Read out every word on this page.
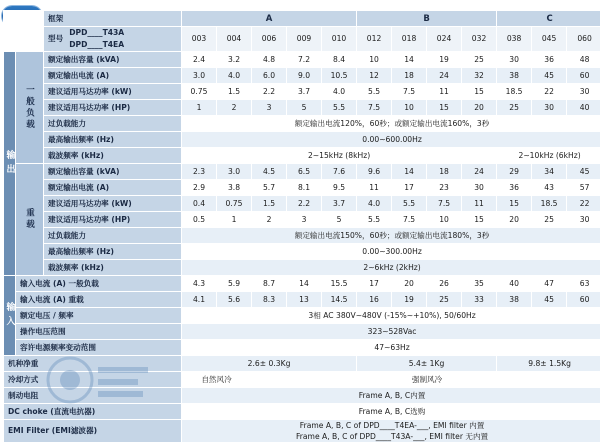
		框架	A					B				C		

		型号
DPD____T43A
DPD____T4EA	003	004	006	009	010	012	018	024	032	038	045	060
输出	一般负载	额定输出容量 (kVA)	2.4	3.2	4.8	7.2	8.4	10	14	19	25	30	36	48
		额定输出电流 (A)	3.0	4.0	6.0	9.0	10.5	12	18	24	32	38	45	60
		建议适用马达功率 (kW)	0.75	1.5	2.2	3.7	4.0	5.5	7.5	11	15	18.5	22	30
		建议适用马达功率 (HP)	1	2	3	5	5.5	7.5	10	15	20	25	30	40
		过负载能力	额定输出电流120%，60秒；或额定输出电流160%，3秒											
		最高输出频率 (Hz)	0.00~600.00Hz											
		载波频率 (kHz)	2~15kHz (8kHz)									2~10kHz (6kHz)		
	重载	额定输出容量 (kVA)	2.3	3.0	4.5	6.5	7.6	9.6	14	18	24	29	34	45
		额定输出电流 (A)	2.9	3.8	5.7	8.1	9.5	11	17	23	30	36	43	57
		建议适用马达功率 (kW)	0.4	0.75	1.5	2.2	3.7	4.0	5.5	7.5	11	15	18.5	22
		建议适用马达功率 (HP)	0.5	1	2	3	5	5.5	7.5	10	15	20	25	30
		过负载能力	额定输出电流150%，60秒；或额定输出电流180%，3秒											
		最高输出频率 (Hz)	0.00~300.00Hz											
		载波频率 (kHz)	2~6kHz (2kHz)											
输入	输入电流 (A) 一般负载		4.3	5.9	8.7	14	15.5	17	20	26	35	40	47	63
	输入电流 (A) 重载		4.1	5.6	8.3	13	14.5	16	19	25	33	38	45	60
	额定电压 / 频率		3相 AC 380V~480V (-15%~+10%), 50/60Hz											
	操作电压范围		323~528Vac											
	容许电源频率变动范围		47~63Hz											
机种净重			2.6± 0.3Kg					5.4± 1Kg				9.8± 1.5Kg		
冷却方式			自然风冷		强制风冷									
制动电阻			Frame A, B, C内置											
DC choke (直流电抗器)			Frame A, B, C选购											
EMI Filter (EMI滤波器)			Frame A, B, C of DPD____T4EA-___, EMI filter 内置
Frame A, B, C of DPD____T43A-___, EMI filter 无内置											
